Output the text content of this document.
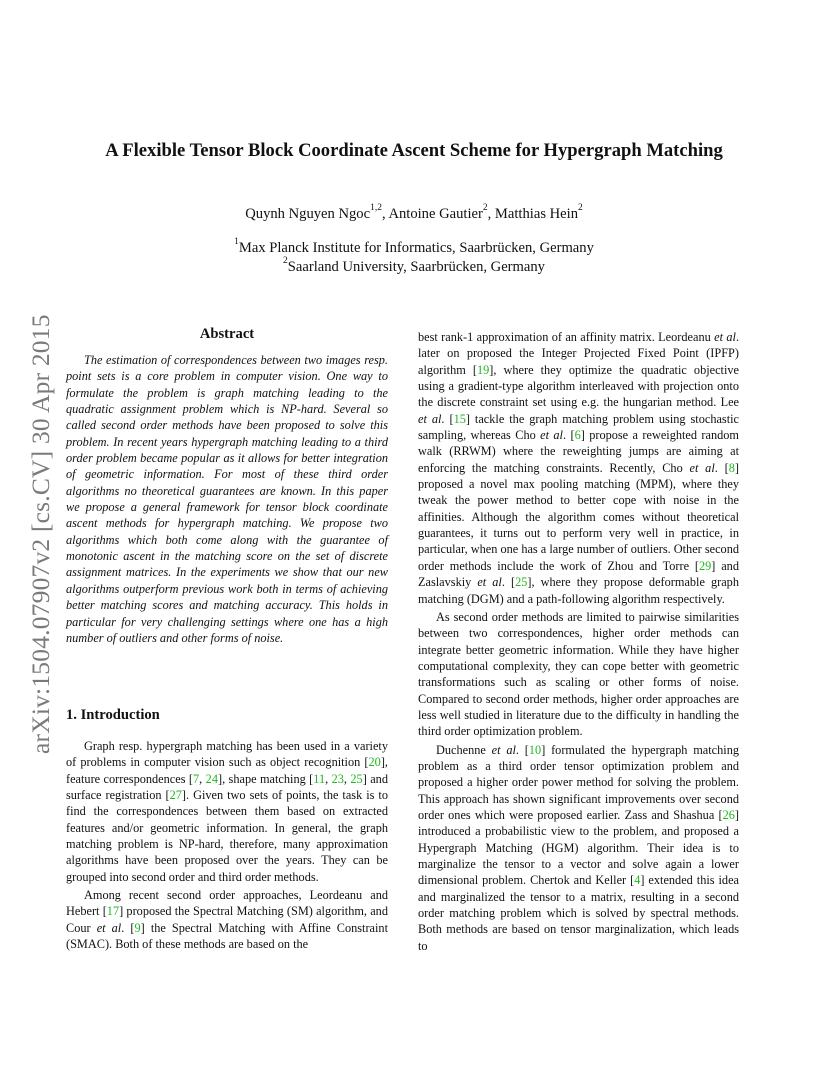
arXiv:1504.07907v2 [cs.CV] 30 Apr 2015
A Flexible Tensor Block Coordinate Ascent Scheme for Hypergraph Matching
Quynh Nguyen Ngoc$^{1,2}$, Antoine Gautier$^2$, Matthias Hein$^2$
$^1$Max Planck Institute for Informatics, Saarbrücken, Germany
$^2$Saarland University, Saarbrücken, Germany
Abstract

The estimation of correspondences between two images resp. point sets is a core problem in computer vision. One way to formulate the problem is graph matching leading to the quadratic assignment problem which is NP-hard. Several so called second order methods have been proposed to solve this problem. In recent years hypergraph matching leading to a third order problem became popular as it allows for better integration of geometric information. For most of these third order algorithms no theoretical guarantees are known. In this paper we propose a general framework for tensor block coordinate ascent methods for hypergraph matching. We propose two algorithms which both come along with the guarantee of monotonic ascent in the matching score on the set of discrete assignment matrices. In the experiments we show that our new algorithms outperform previous work both in terms of achieving better matching scores and matching accuracy. This holds in particular for very challenging settings where one has a high number of outliers and other forms of noise.

1. Introduction

Graph resp. hypergraph matching has been used in a variety of problems in computer vision such as object recognition [20], feature correspondences [7, 24], shape matching [11, 23, 25] and surface registration [27]. Given two sets of points, the task is to find the correspondences between them based on extracted features and/or geometric information. In general, the graph matching problem is NP-hard, therefore, many approximation algorithms have been proposed over the years. They can be grouped into second order and third order methods.

Among recent second order approaches, Leordeanu and Hebert [17] proposed the Spectral Matching (SM) algorithm, and Cour et al. [9] the Spectral Matching with Affine Constraint (SMAC). Both of these methods are based on the

best rank-1 approximation of an affinity matrix. Leordeanu et al. later on proposed the Integer Projected Fixed Point (IPFP) algorithm [19], where they optimize the quadratic objective using a gradient-type algorithm interleaved with projection onto the discrete constraint set using e.g. the hungarian method. Lee et al. [15] tackle the graph matching problem using stochastic sampling, whereas Cho et al. [6] propose a reweighted random walk (RRWM) where the reweighting jumps are aiming at enforcing the matching constraints. Recently, Cho et al. [8] proposed a novel max pooling matching (MPM), where they tweak the power method to better cope with noise in the affinities. Although the algorithm comes without theoretical guarantees, it turns out to perform very well in practice, in particular, when one has a large number of outliers. Other second order methods include the work of Zhou and Torre [29] and Zaslavskiy et al. [25], where they propose deformable graph matching (DGM) and a path-following algorithm respectively.

As second order methods are limited to pairwise similarities between two correspondences, higher order methods can integrate better geometric information. While they have higher computational complexity, they can cope better with geometric transformations such as scaling or other forms of noise. Compared to second order methods, higher order approaches are less well studied in literature due to the difficulty in handling the third order optimization problem.

Duchenne et al. [10] formulated the hypergraph matching problem as a third order tensor optimization problem and proposed a higher order power method for solving the problem. This approach has shown significant improvements over second order ones which were proposed earlier. Zass and Shashua [26] introduced a probabilistic view to the problem, and proposed a Hypergraph Matching (HGM) algorithm. Their idea is to marginalize the tensor to a vector and solve again a lower dimensional problem. Chertok and Keller [4] extended this idea and marginalized the tensor to a matrix, resulting in a second order matching problem which is solved by spectral methods. Both methods are based on tensor marginalization, which leads to
